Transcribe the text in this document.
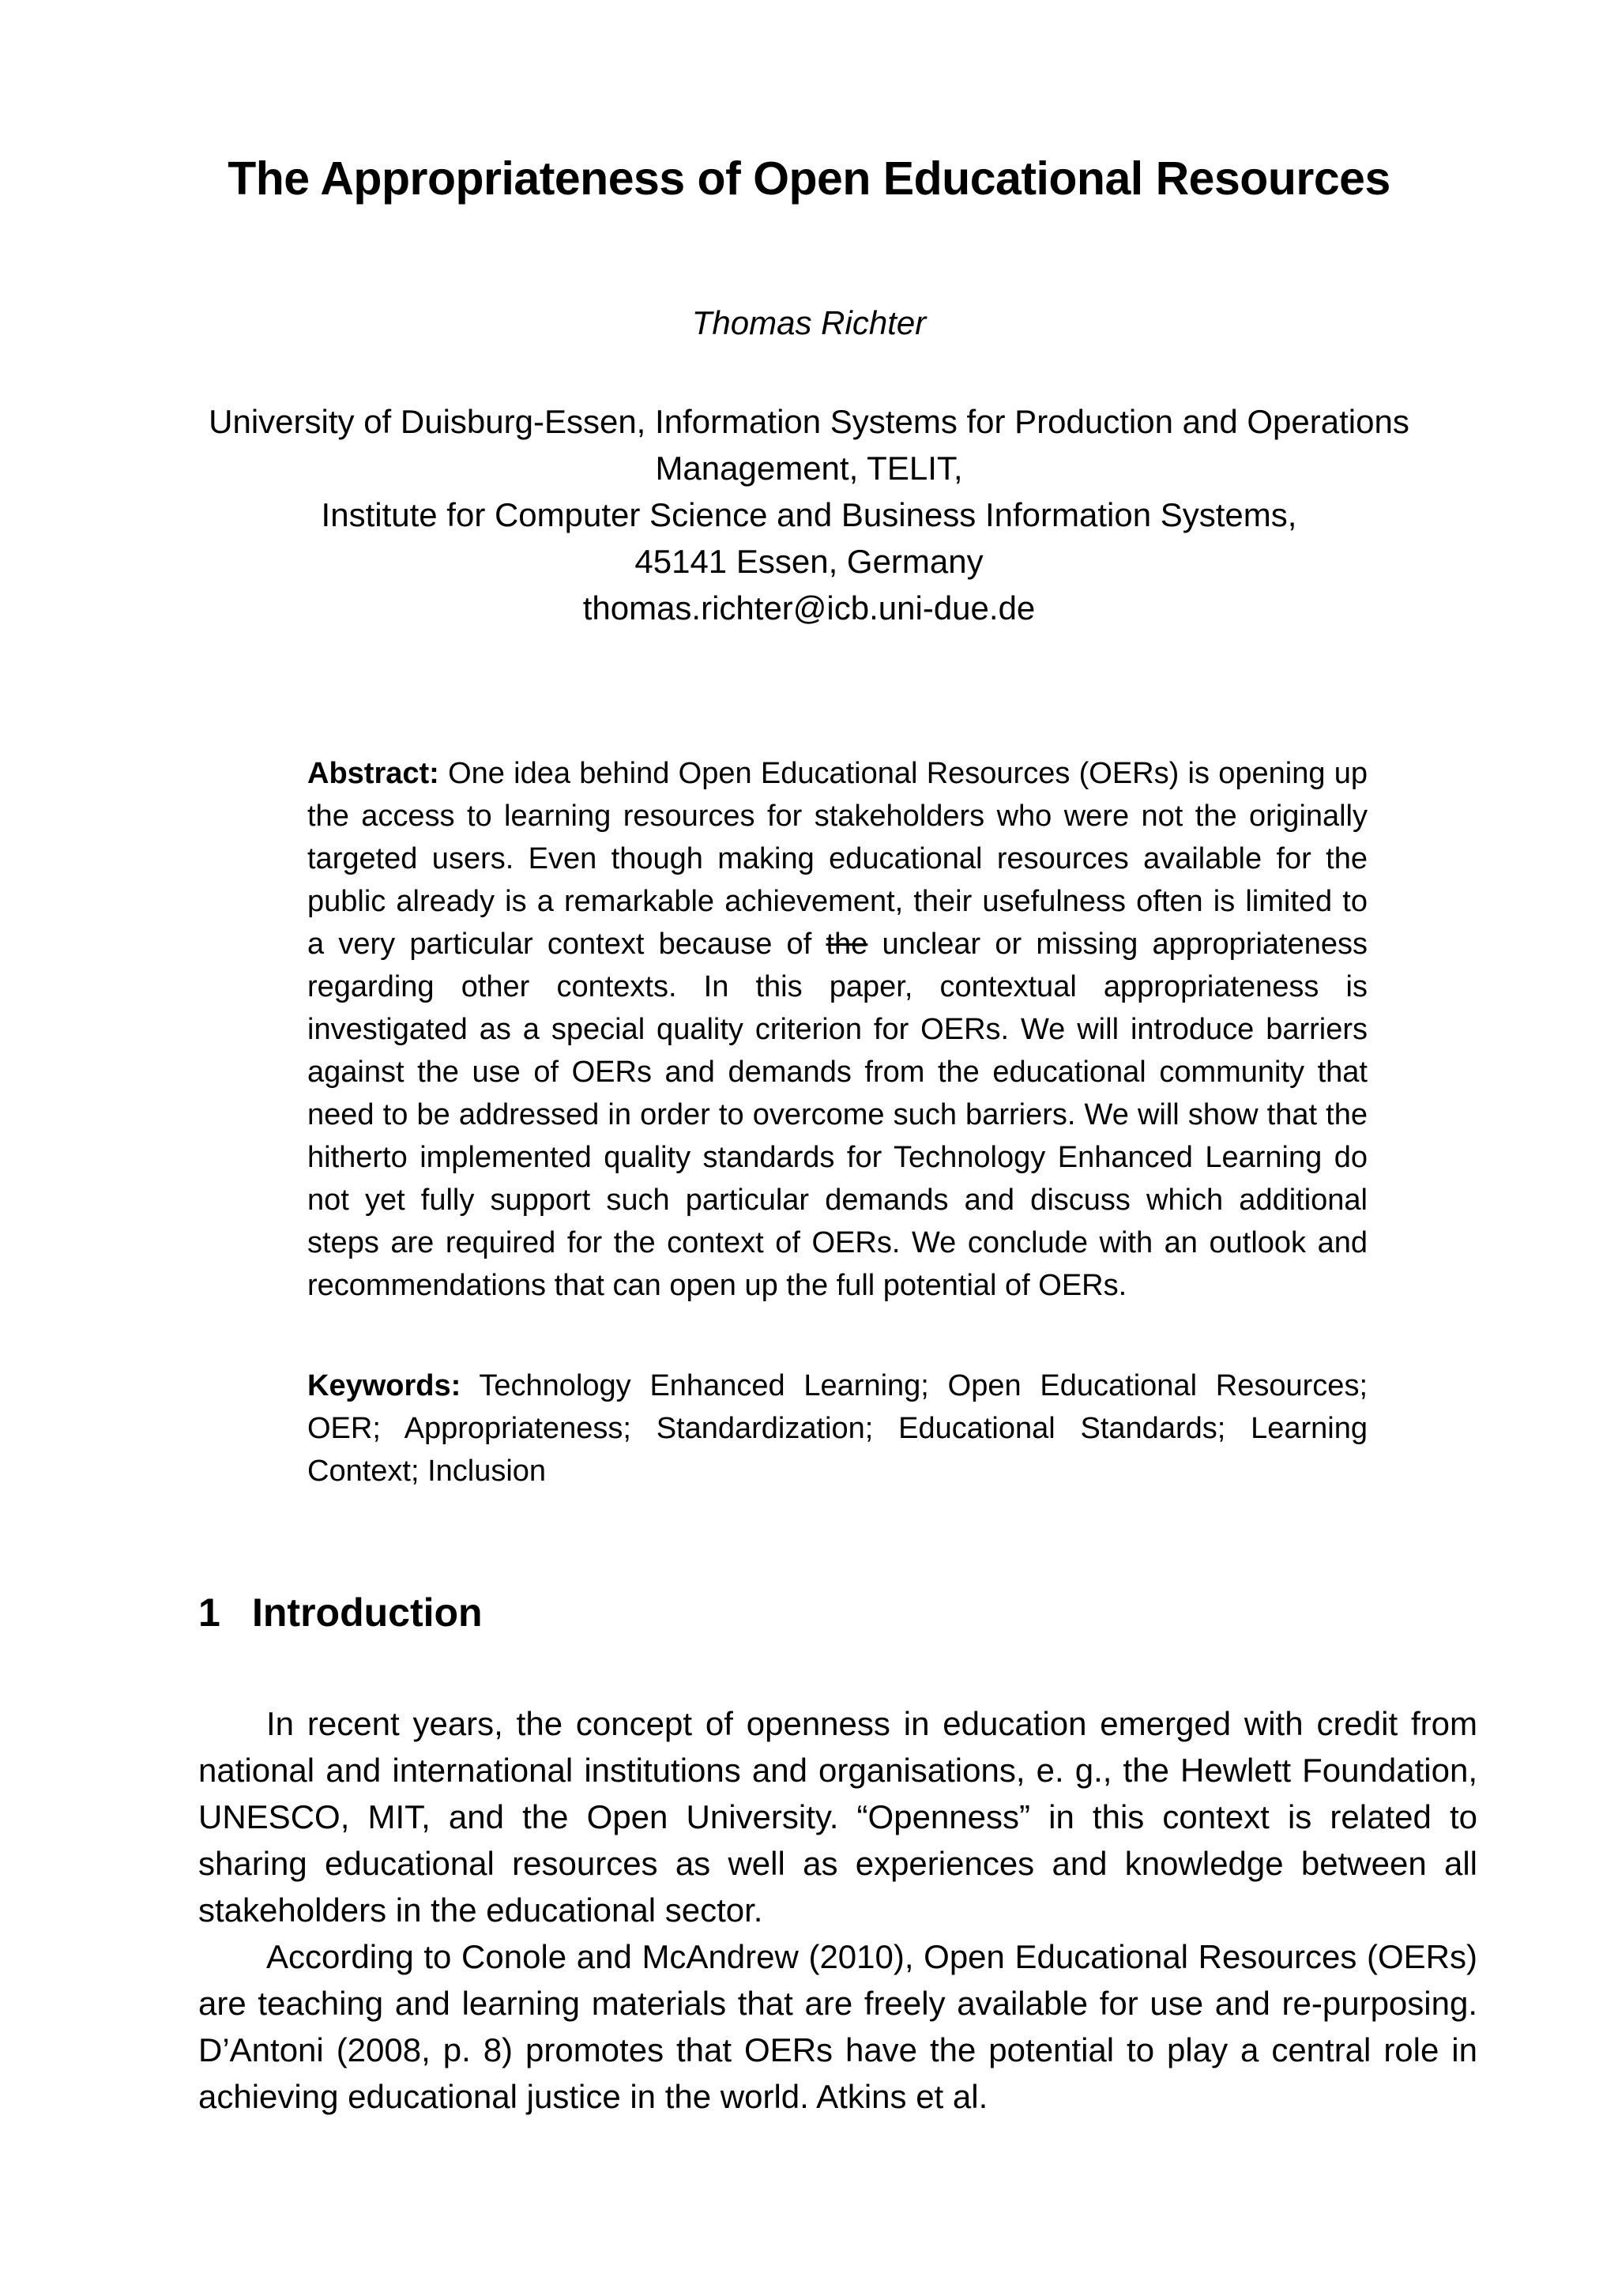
The Appropriateness of Open Educational Resources
Thomas Richter
University of Duisburg-Essen, Information Systems for Production and Operations
Management, TELIT,
Institute for Computer Science and Business Information Systems,
45141 Essen, Germany
thomas.richter@icb.uni-due.de

Abstract: One idea behind Open Educational Resources (OERs) is opening up the access to learning resources for stakeholders who were not the originally targeted users. Even though making educational resources available for the public already is a remarkable achievement, their usefulness often is limited to a very particular context because of the unclear or missing appropriateness regarding other contexts. In this paper, contextual appropriateness is investigated as a special quality criterion for OERs. We will introduce barriers against the use of OERs and demands from the educational community that need to be addressed in order to overcome such barriers. We will show that the hitherto implemented quality standards for Technology Enhanced Learning do not yet fully support such particular demands and discuss which additional steps are required for the context of OERs. We conclude with an outlook and recommendations that can open up the full potential of OERs.

Keywords: Technology Enhanced Learning; Open Educational Resources; OER; Appropriateness; Standardization; Educational Standards; Learning Context; Inclusion

1 Introduction

In recent years, the concept of openness in education emerged with credit from national and international institutions and organisations, e. g., the Hewlett Foundation, UNESCO, MIT, and the Open University. “Openness” in this context is related to sharing educational resources as well as experiences and knowledge between all stakeholders in the educational sector.

According to Conole and McAndrew (2010), Open Educational Resources (OERs) are teaching and learning materials that are freely available for use and re-purposing. D’Antoni (2008, p. 8) promotes that OERs have the potential to play a central role in achieving educational justice in the world. Atkins et al.
